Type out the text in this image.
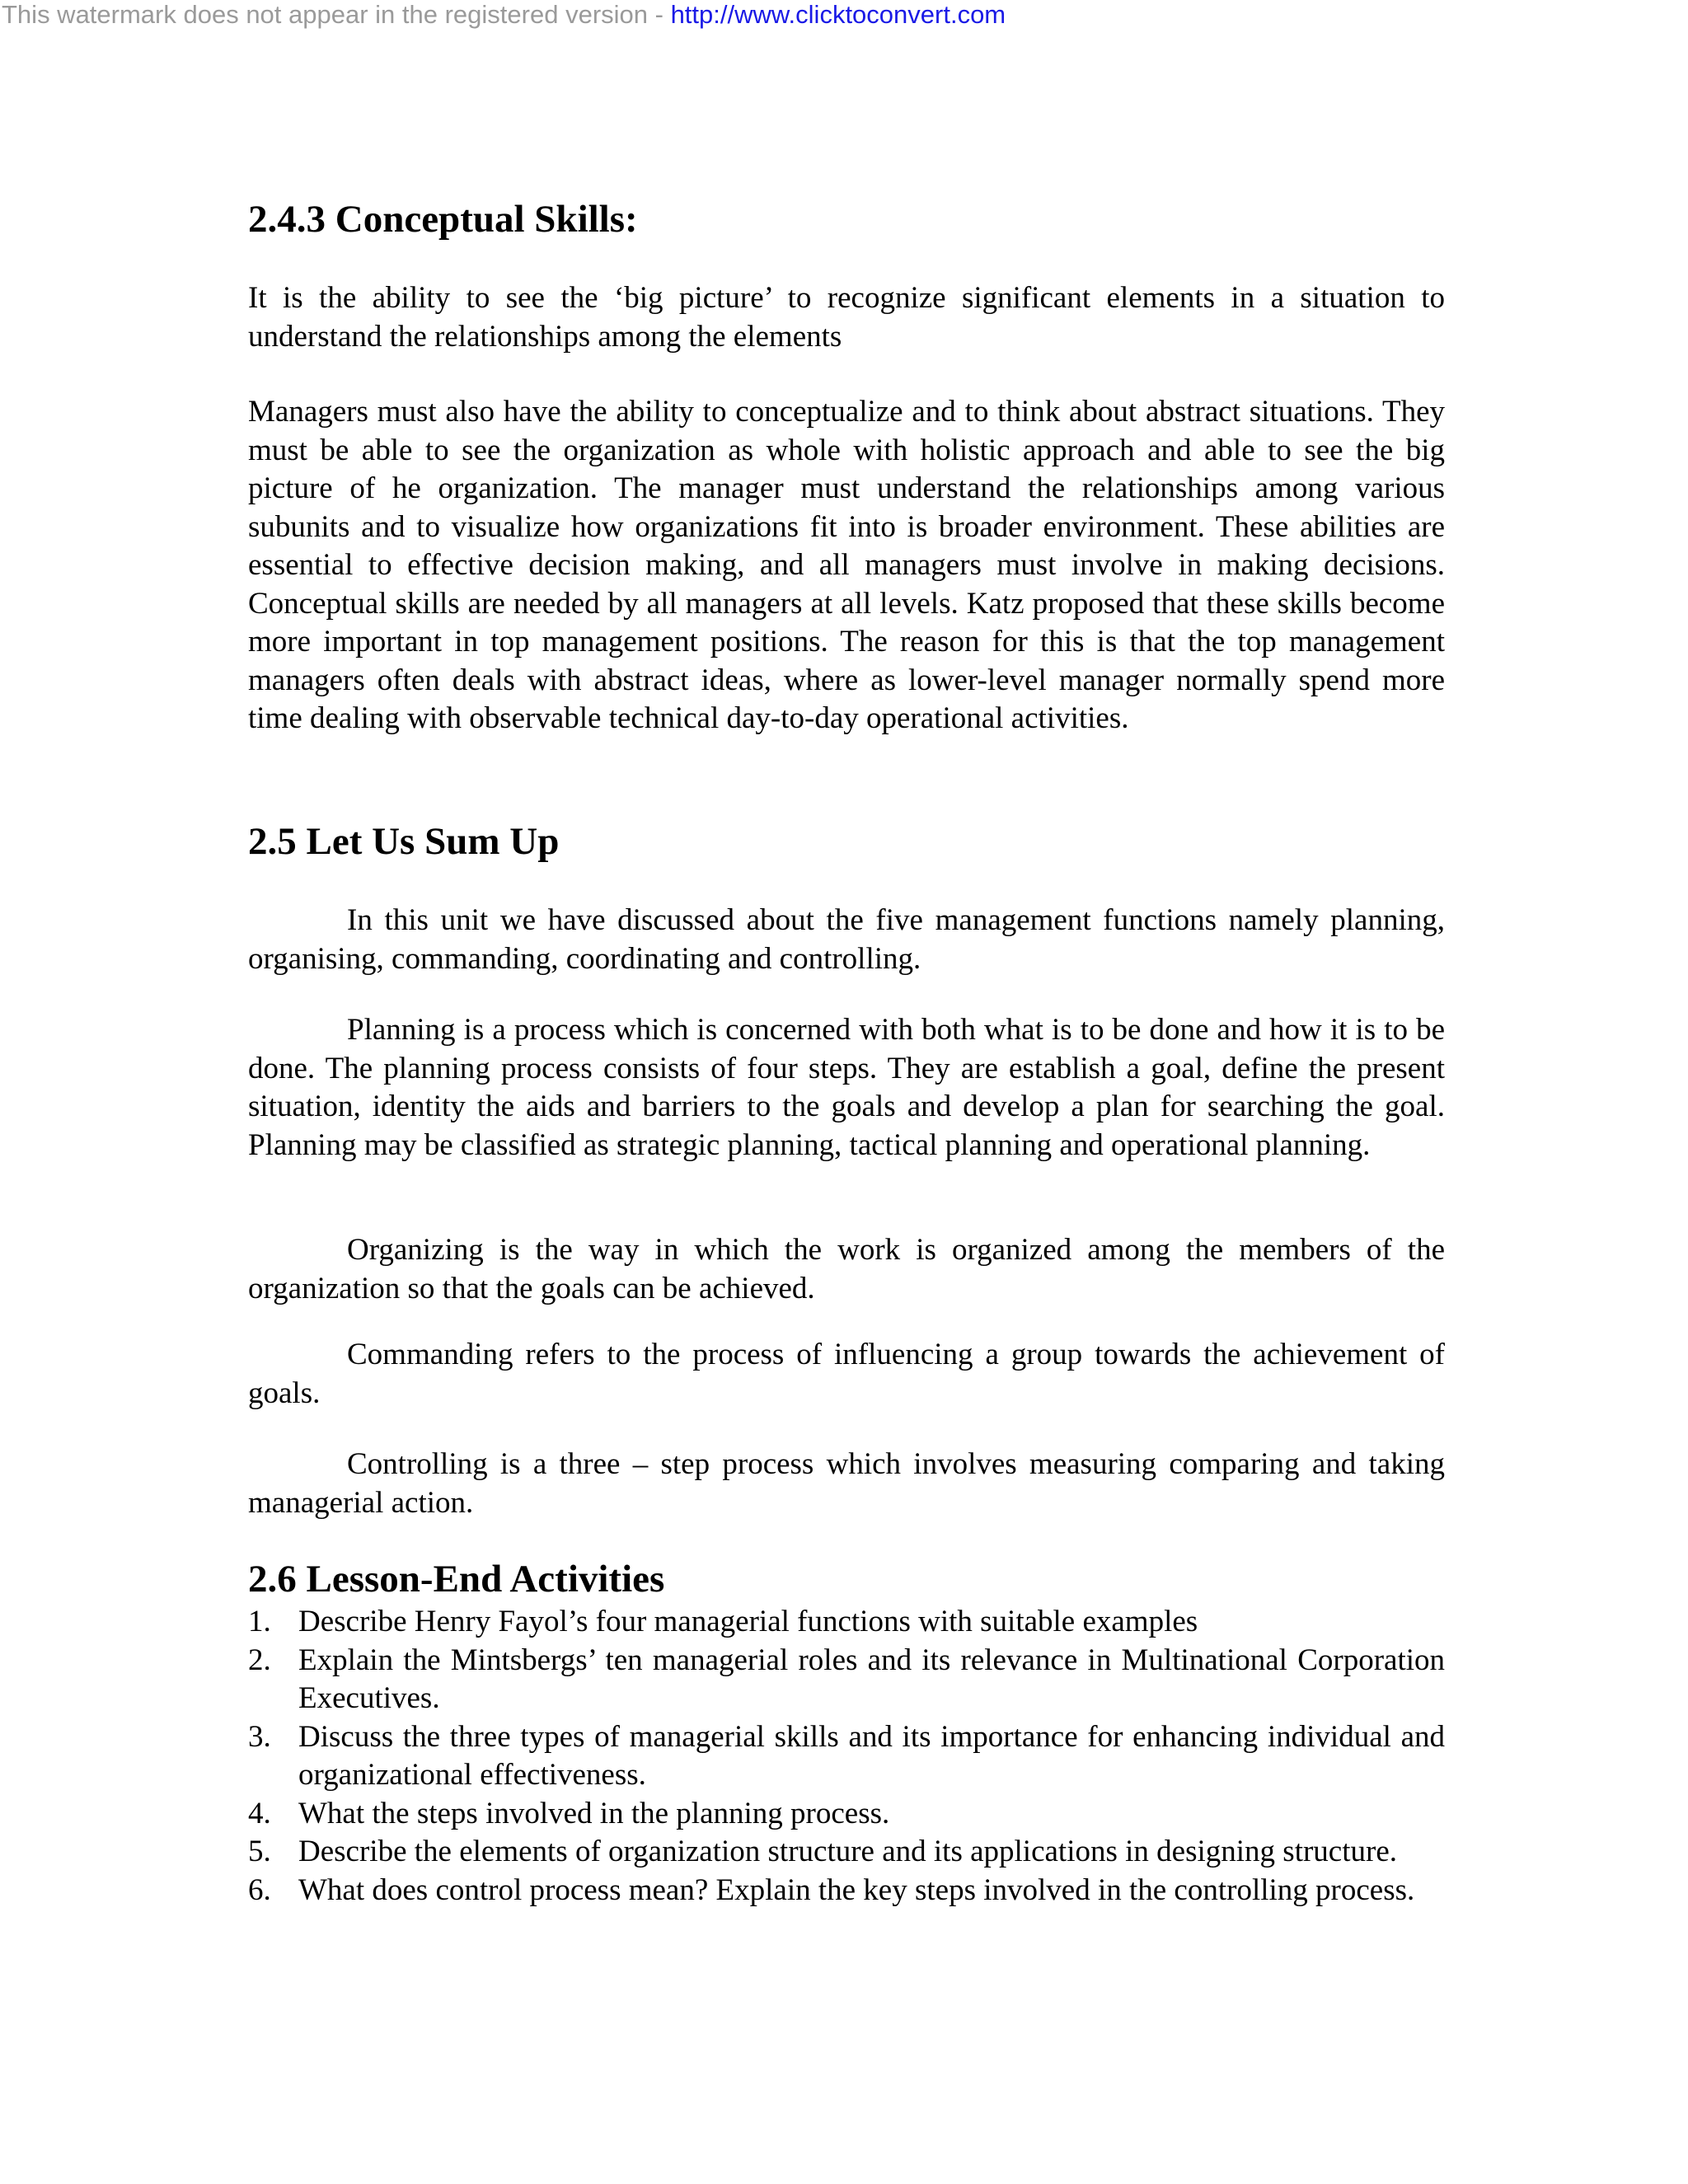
This watermark does not appear in the registered version - http://www.clicktoconvert.com
2.4.3 Conceptual Skills:

It is the ability to see the ‘big picture’ to recognize significant elements in a situation to understand the relationships among the elements

Managers must also have the ability to conceptualize and to think about abstract situations. They must be able to see the organization as whole with holistic approach and able to see the big picture of he organization. The manager must understand the relationships among various subunits and to visualize how organizations fit into is broader environment. These abilities are essential to effective decision making, and all managers must involve in making decisions. Conceptual skills are needed by all managers at all levels. Katz proposed that these skills become more important in top management positions. The reason for this is that the top management managers often deals with abstract ideas, where as lower-level manager normally spend more time dealing with observable technical day-to-day operational activities.

2.5 Let Us Sum Up

In this unit we have discussed about the five management functions namely planning, organising, commanding, coordinating and controlling.

Planning is a process which is concerned with both what is to be done and how it is to be done. The planning process consists of four steps. They are establish a goal, define the present situation, identity the aids and barriers to the goals and develop a plan for searching the goal. Planning may be classified as strategic planning, tactical planning and operational planning.

Organizing is the way in which the work is organized among the members of the organization so that the goals can be achieved.

Commanding refers to the process of influencing a group towards the achievement of goals.

Controlling is a three – step process which involves measuring comparing and taking managerial action.

2.6 Lesson-End Activities
1. Describe Henry Fayol’s four managerial functions with suitable examples
2. Explain the Mintsbergs’ ten managerial roles and its relevance in Multinational Corporation Executives.
3. Discuss the three types of managerial skills and its importance for enhancing individual and organizational effectiveness.
4. What the steps involved in the planning process.
5. Describe the elements of organization structure and its applications in designing structure.
6. What does control process mean? Explain the key steps involved in the controlling process.
